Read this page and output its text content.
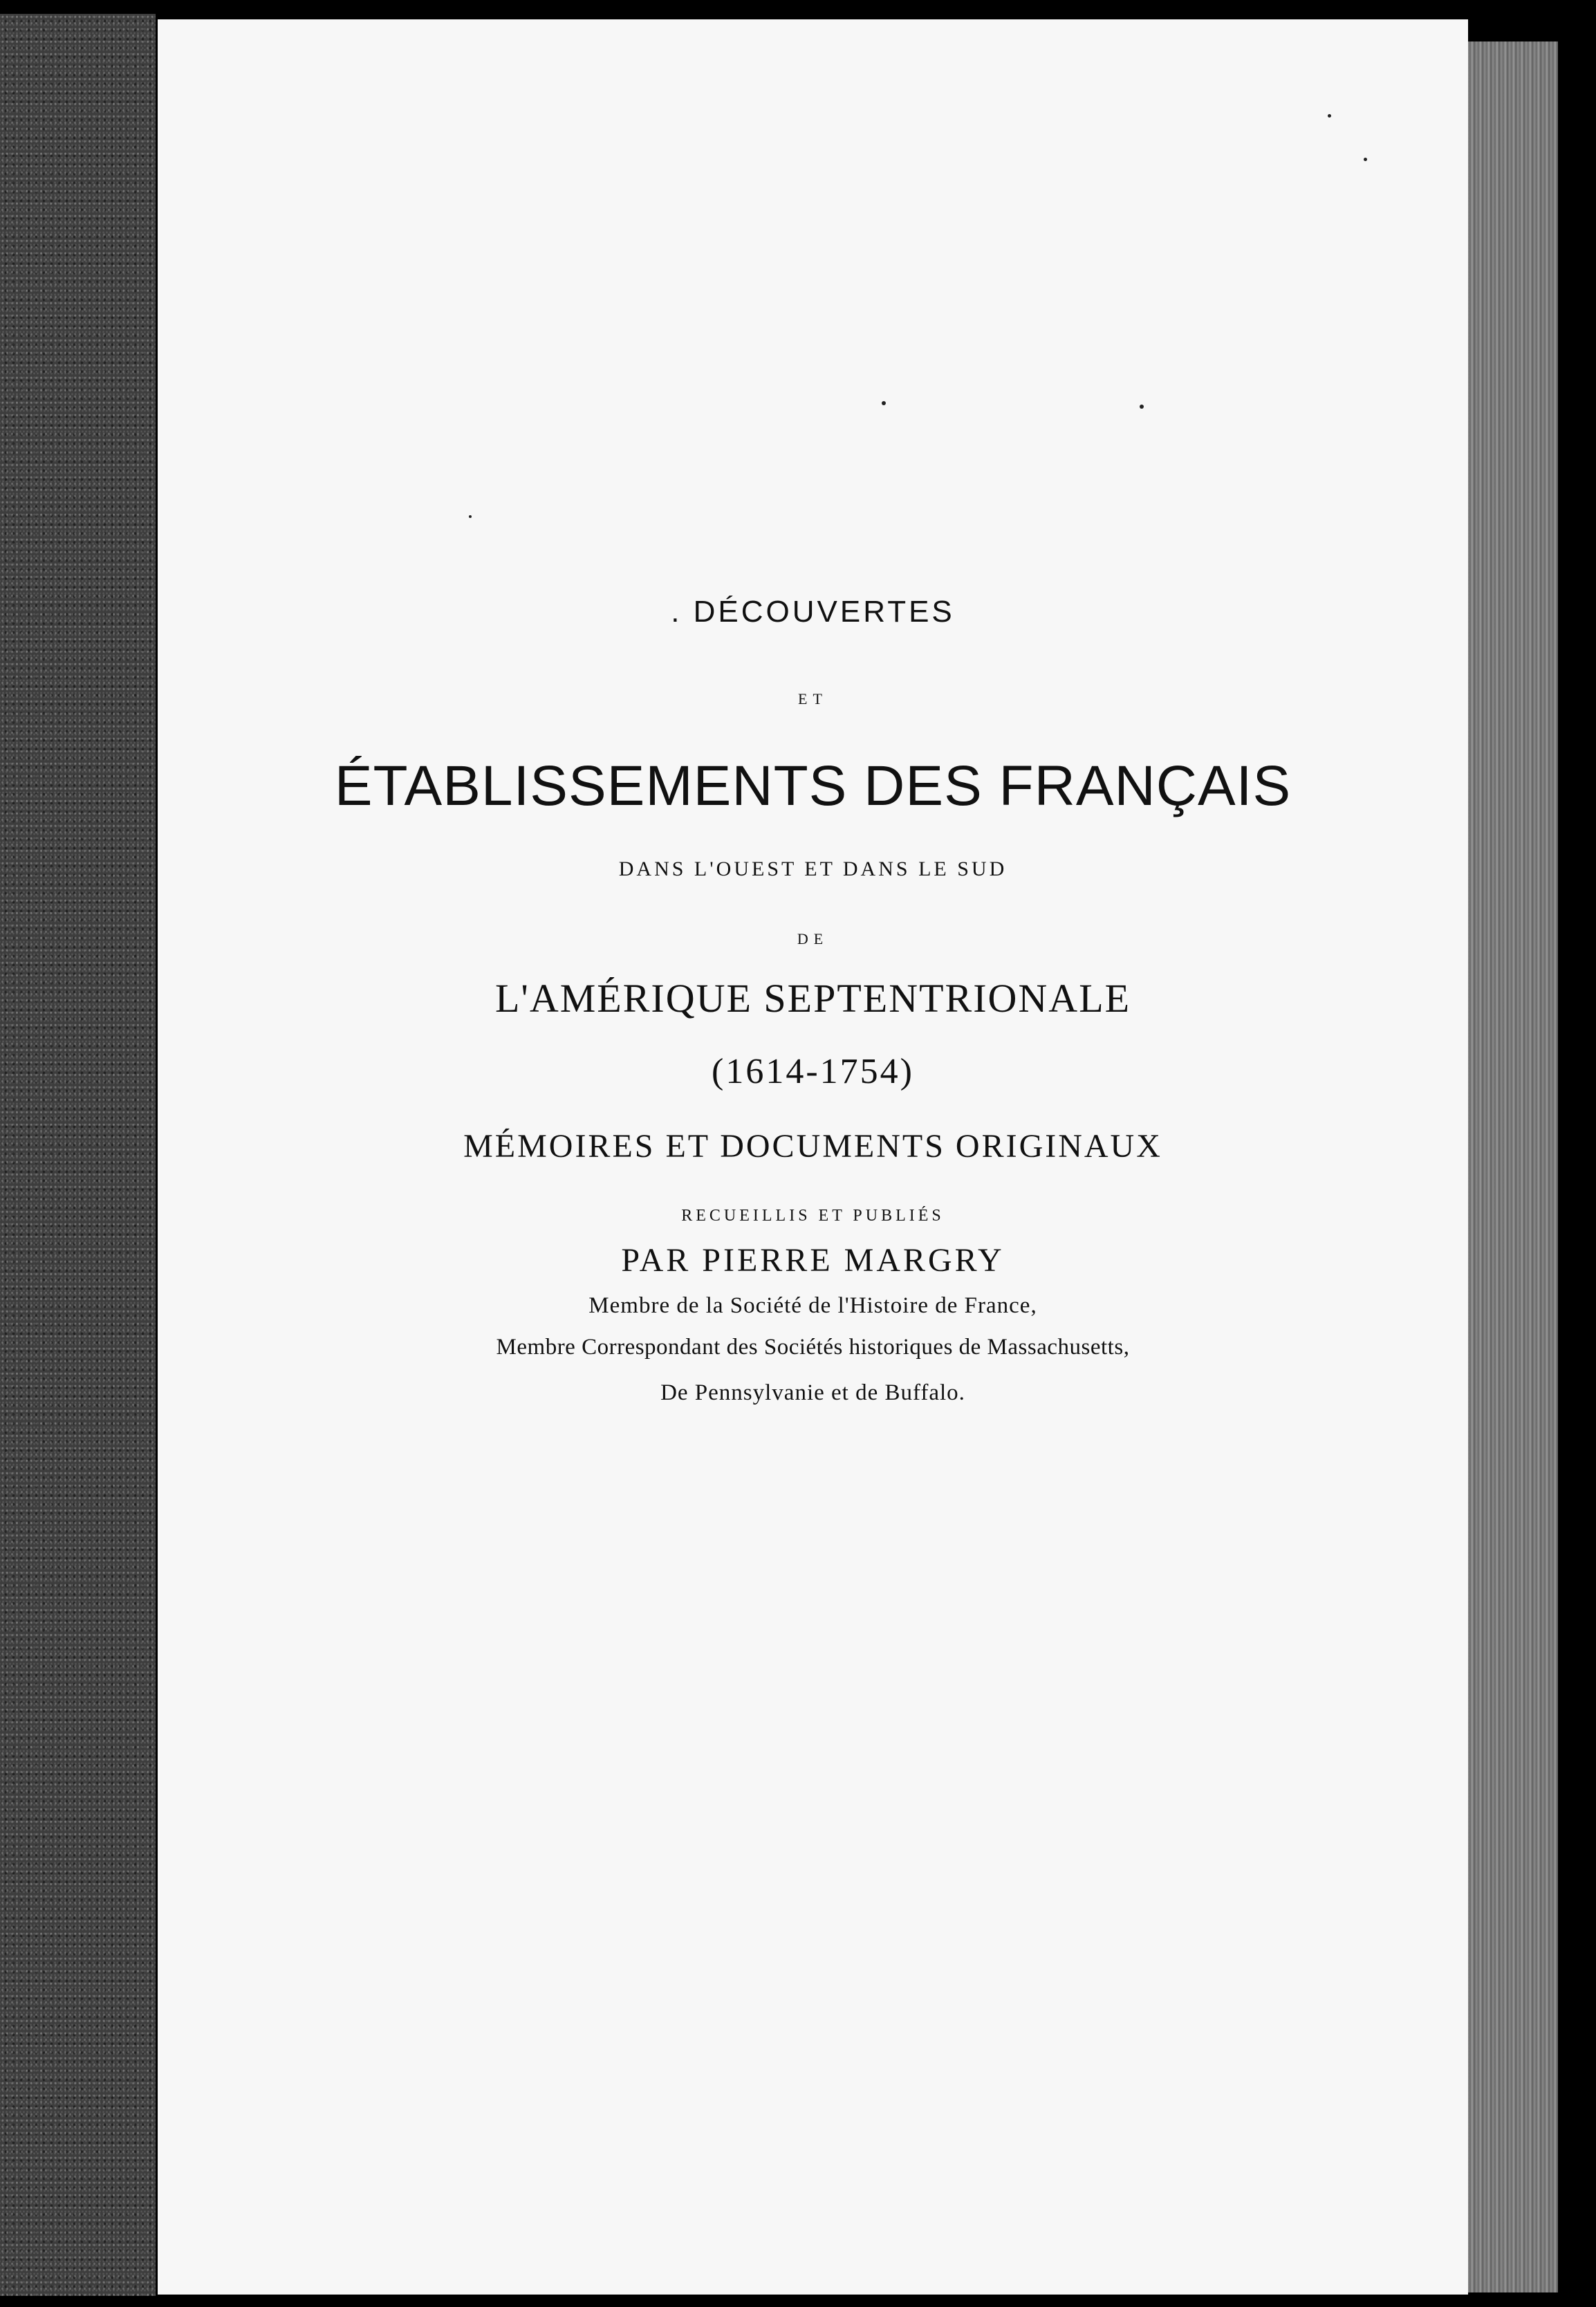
. DÉCOUVERTES

ET

ÉTABLISSEMENTS DES FRANÇAIS

DANS L'OUEST ET DANS LE SUD

DE

L'AMÉRIQUE SEPTENTRIONALE

(1614-1754)

MÉMOIRES ET DOCUMENTS ORIGINAUX

RECUEILLIS ET PUBLIÉS

PAR PIERRE MARGRY

Membre de la Société de l'Histoire de France,

Membre Correspondant des Sociétés historiques de Massachusetts,

De Pennsylvanie et de Buffalo.
